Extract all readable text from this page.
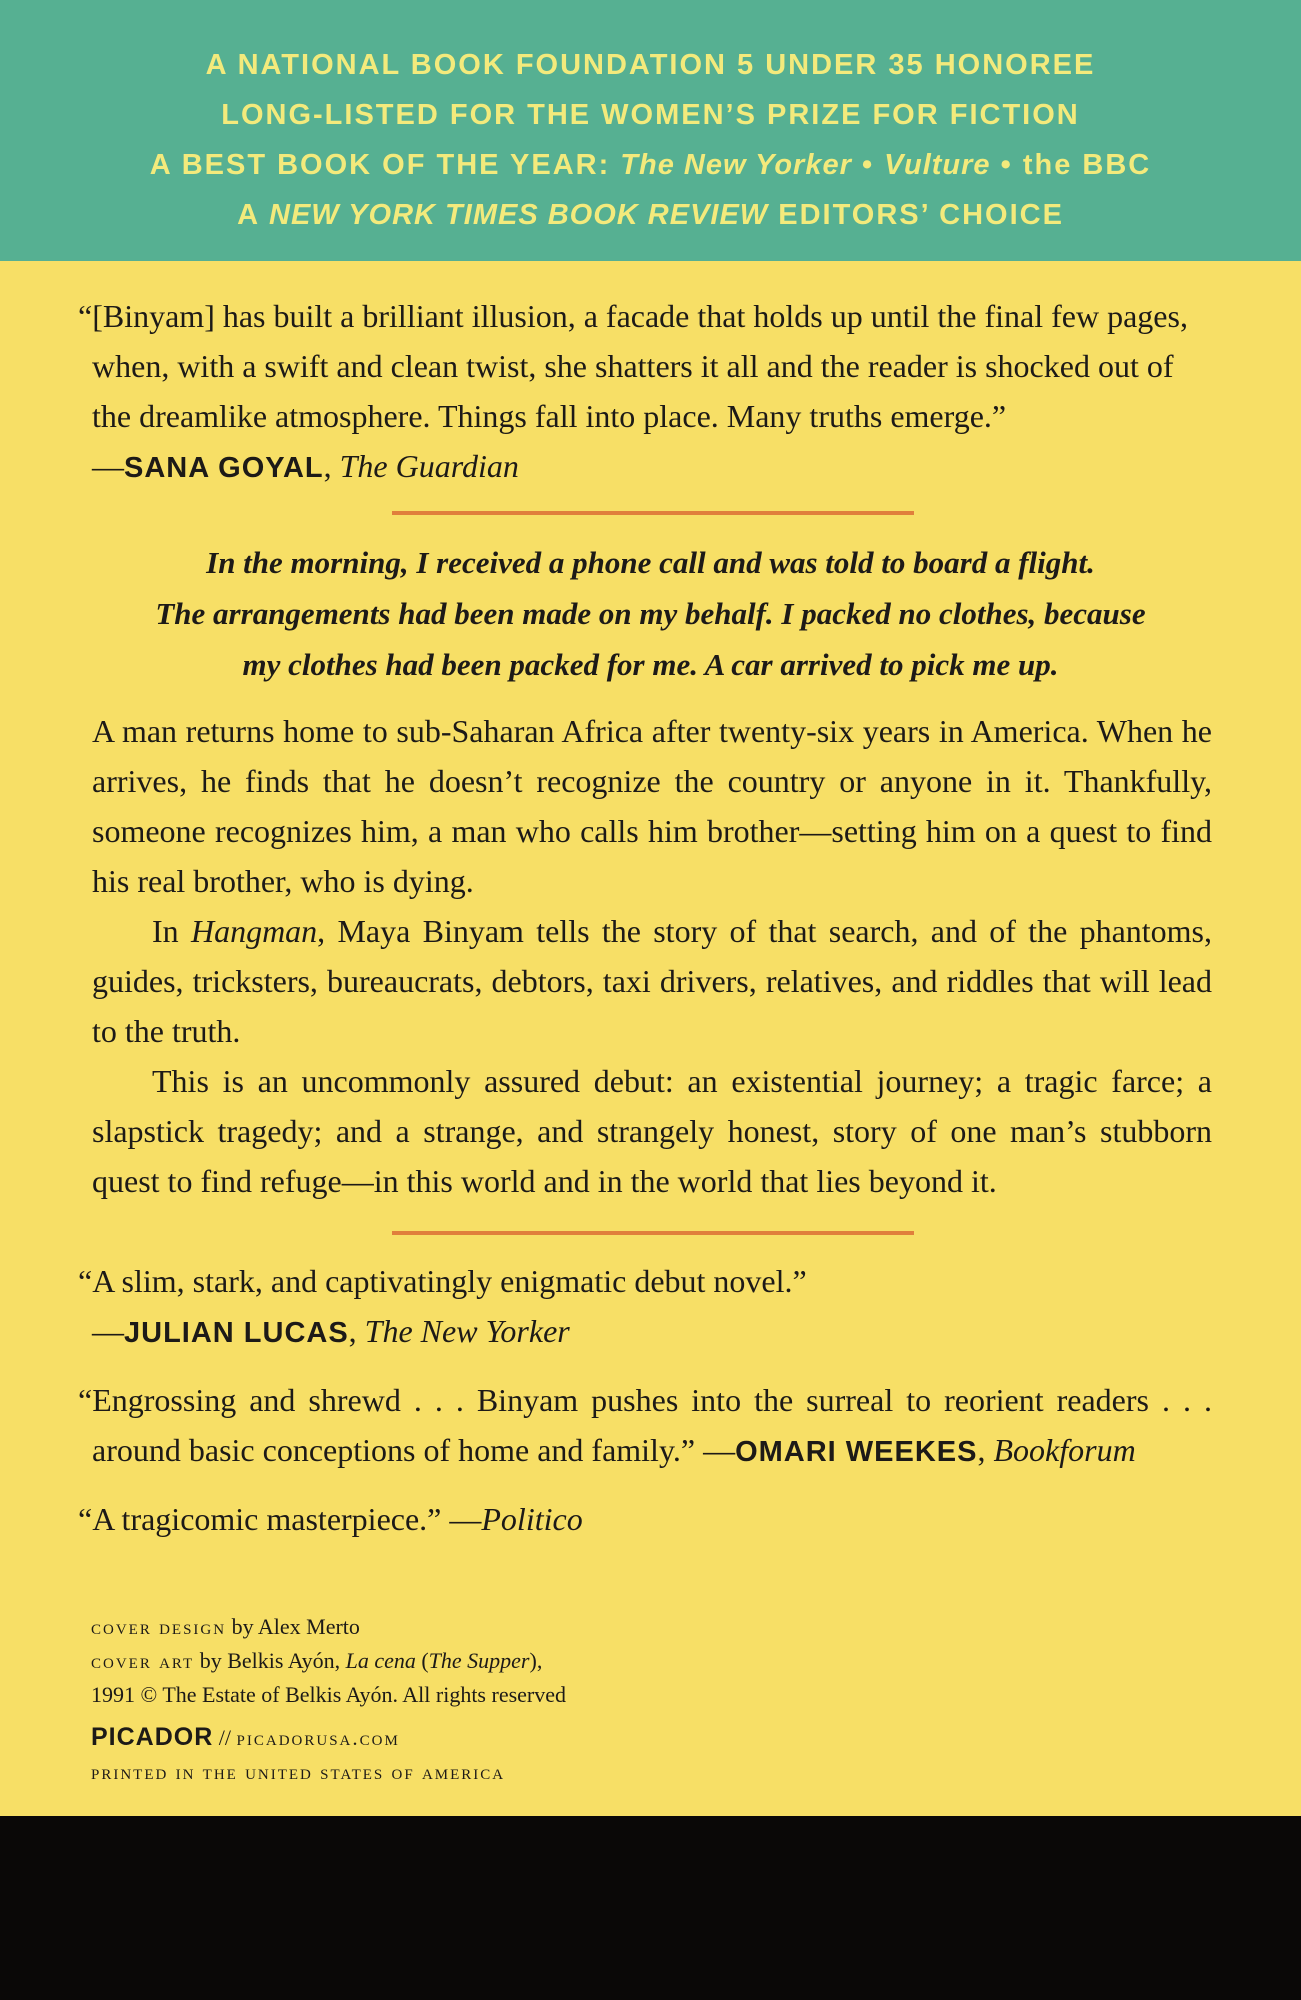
A NATIONAL BOOK FOUNDATION 5 UNDER 35 HONOREE
LONG-LISTED FOR THE WOMEN’S PRIZE FOR FICTION
A BEST BOOK OF THE YEAR: The New Yorker • Vulture • the BBC
A NEW YORK TIMES BOOK REVIEW EDITORS’ CHOICE
“[Binyam] has built a brilliant illusion, a facade that holds up until the final few pages, when, with a swift and clean twist, she shatters it all and the reader is shocked out of the dreamlike atmosphere. Things fall into place. Many truths emerge.”
—SANA GOYAL, The Guardian
In the morning, I received a phone call and was told to board a flight.
The arrangements had been made on my behalf. I packed no clothes, because
my clothes had been packed for me. A car arrived to pick me up.

A man returns home to sub-Saharan Africa after twenty-six years in America. When he arrives, he finds that he doesn’t recognize the country or anyone in it. Thankfully, someone recognizes him, a man who calls him brother—setting him on a quest to find his real brother, who is dying.

In Hangman, Maya Binyam tells the story of that search, and of the phantoms, guides, tricksters, bureaucrats, debtors, taxi drivers, relatives, and riddles that will lead to the truth.

This is an uncommonly assured debut: an existential journey; a tragic farce; a slapstick tragedy; and a strange, and strangely honest, story of one man’s stubborn quest to find refuge—in this world and in the world that lies beyond it.

“A slim, stark, and captivatingly enigmatic debut novel.”
—JULIAN LUCAS, The New Yorker
“Engrossing and shrewd . . . Binyam pushes into the surreal to reorient readers . . . around basic conceptions of home and family.” —OMARI WEEKES, Bookforum
“A tragicomic masterpiece.” —Politico
cover design by Alex Merto
cover art by Belkis Ayón, La cena (The Supper),
1991 © The Estate of Belkis Ayón. All rights reserved
PICADOR // picadorusa.com
printed in the united states of america
